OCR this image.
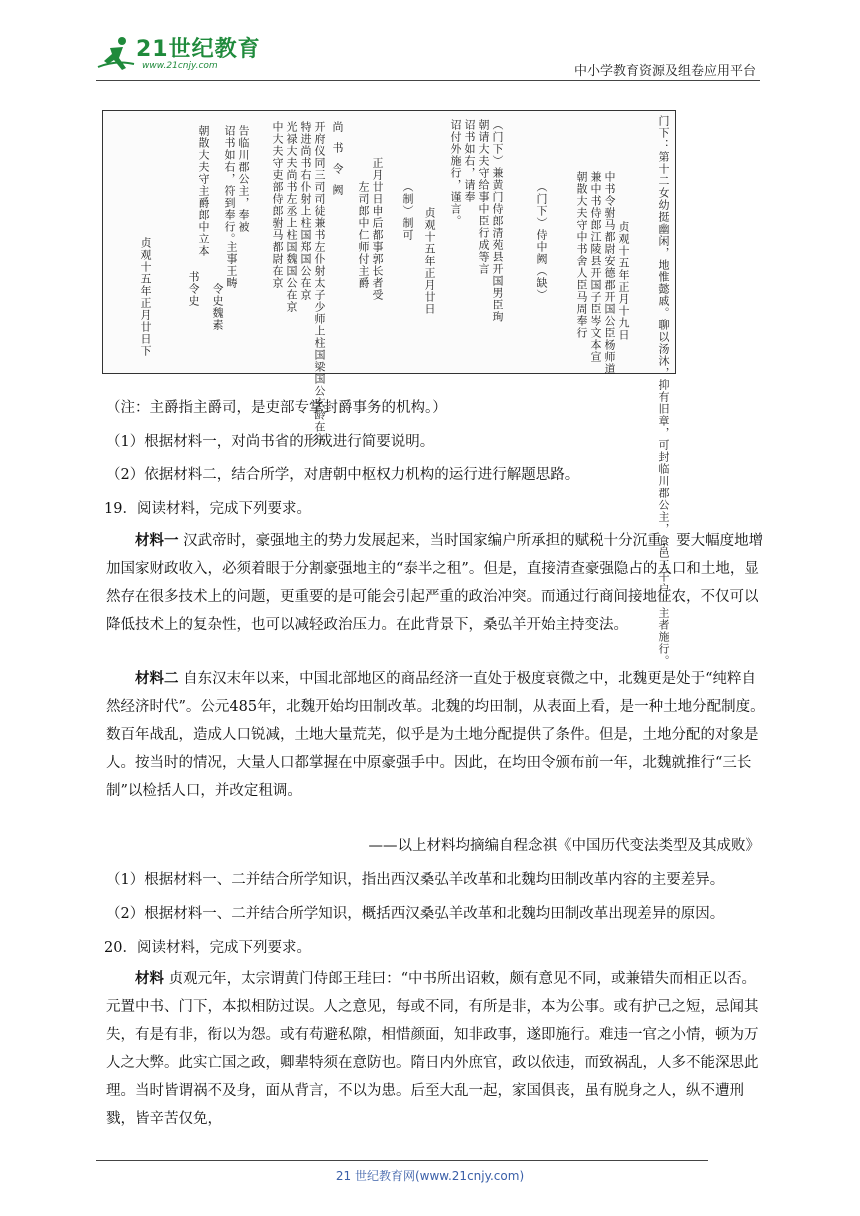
21世纪教育
www.21cnjy.com	中小学教育资源及组卷应用平台
门下：第十二女幼挺幽闲，地惟懿戚。聊以汤沐，抑有旧章，可封临川郡公主，食邑三千户。主者施行。
贞观十五年正月十九日
中书令驸马都尉安德郡开国公臣杨师道
兼中书侍郎江陵县开国子臣岑文本宣
朝散大夫守中书舍人臣马周奉行
（门下）侍中阙（缺）
（门下）兼黄门侍郎清苑县开国男臣珣
朝请大夫守给事中臣行成等言
诏书如右，请奉
诏付外施行，谨言。
贞观十五年正月廿日
（制）制可
正月廿日申后都事郭长者受
左司郎中仁师付主爵
尚书令阙
开府仪同三司司徒兼书左仆射太子少师上柱国梁国公玄龄在京
特进尚书右仆射上柱国郑国公在京
光禄大夫尚书左丞上柱国魏国公在京
中大夫守吏部侍郎驸马都尉在京
告临川郡公主，奉被
诏书如右，符到奉行。
朝散大夫守主爵郎中立本
主事王畴
令史魏素
书令史
贞观十五年正月廿日下
（注：主爵指主爵司，是吏部专掌封爵事务的机构。）
（1）根据材料一，对尚书省的形成进行简要说明。
（2）依据材料二，结合所学，对唐朝中枢权力机构的运行进行解题思路。
19．阅读材料，完成下列要求。
材料一 汉武帝时，豪强地主的势力发展起来，当时国家编户所承担的赋税十分沉重，要大幅度地增加国家财政收入，必须着眼于分割豪强地主的“泰半之租”。但是，直接清查豪强隐占的人口和土地，显然存在很多技术上的问题，更重要的是可能会引起严重的政治冲突。而通过行商间接地征农，不仅可以降低技术上的复杂性，也可以减轻政治压力。在此背景下，桑弘羊开始主持变法。
材料二 自东汉末年以来，中国北部地区的商品经济一直处于极度衰微之中，北魏更是处于“纯粹自然经济时代”。公元485年，北魏开始均田制改革。北魏的均田制，从表面上看，是一种土地分配制度。数百年战乱，造成人口锐减，土地大量荒芜，似乎是为土地分配提供了条件。但是，土地分配的对象是人。按当时的情况，大量人口都掌握在中原豪强手中。因此，在均田令颁布前一年，北魏就推行“三长制”以检括人口，并改定租调。
——以上材料均摘编自程念祺《中国历代变法类型及其成败》
（1）根据材料一、二并结合所学知识，指出西汉桑弘羊改革和北魏均田制改革内容的主要差异。
（2）根据材料一、二并结合所学知识，概括西汉桑弘羊改革和北魏均田制改革出现差异的原因。
20．阅读材料，完成下列要求。
材料 贞观元年，太宗谓黄门侍郎王珪曰：“中书所出诏敕，颇有意见不同，或兼错失而相正以否。元置中书、门下，本拟相防过误。人之意见，每或不同，有所是非，本为公事。或有护己之短，忌闻其失，有是有非，衔以为怨。或有苟避私隙，相惜颜面，知非政事，遂即施行。难违一官之小情，顿为万人之大弊。此实亡国之政，卿辈特须在意防也。隋日内外庶官，政以依违，而致祸乱，人多不能深思此理。当时皆谓祸不及身，面从背言，不以为患。后至大乱一起，家国俱丧，虽有脱身之人，纵不遭刑戮，皆辛苦仅免，
21 世纪教育网(www.21cnjy.com)
